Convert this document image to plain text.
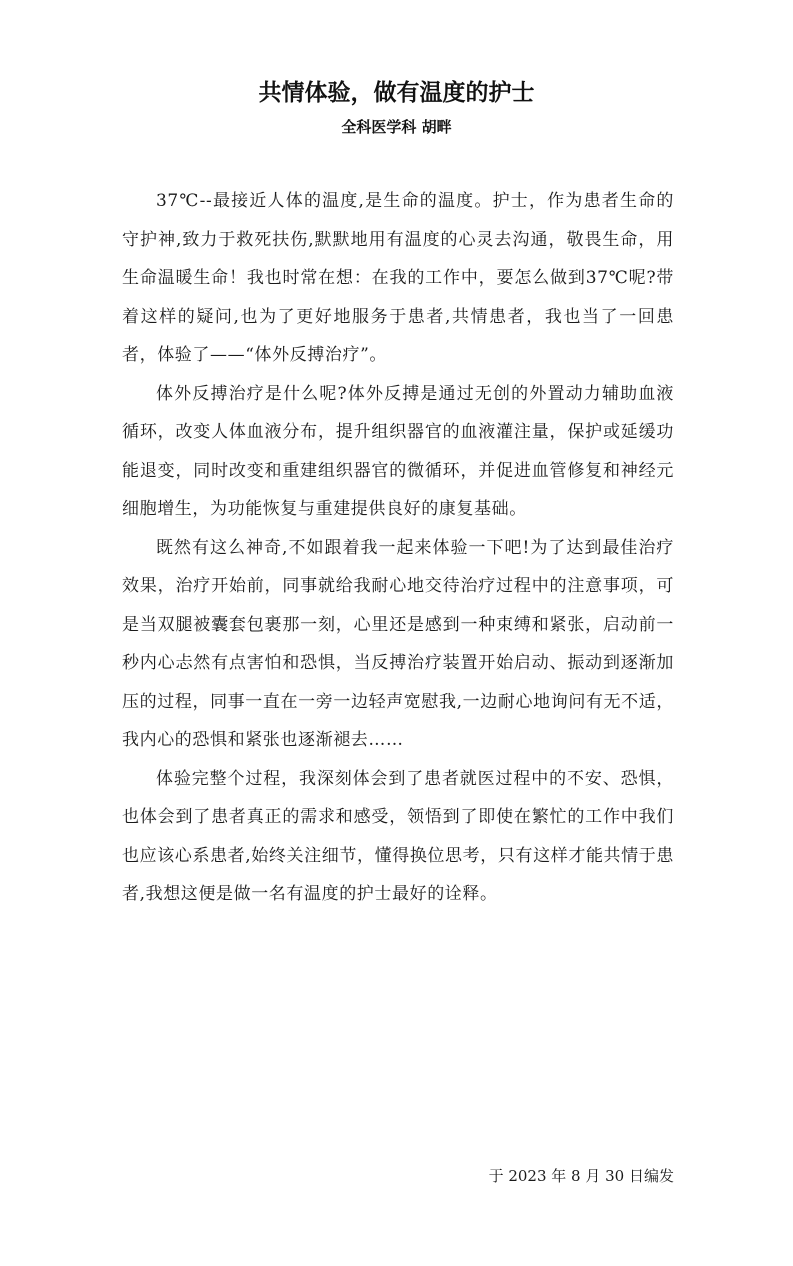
共情体验，做有温度的护士
全科医学科 胡畔

37℃--最接近人体的温度,是生命的温度。护士，作为患者生命的守护神,致力于救死扶伤,默默地用有温度的心灵去沟通，敬畏生命，用生命温暖生命！我也时常在想：在我的工作中，要怎么做到37℃呢?带着这样的疑问,也为了更好地服务于患者,共情患者，我也当了一回患者，体验了——“体外反搏治疗”。

体外反搏治疗是什么呢?体外反搏是通过无创的外置动力辅助血液循环，改变人体血液分布，提升组织器官的血液灌注量，保护或延缓功能退变，同时改变和重建组织器官的微循环，并促进血管修复和神经元细胞增生，为功能恢复与重建提供良好的康复基础。

既然有这么神奇,不如跟着我一起来体验一下吧!为了达到最佳治疗效果，治疗开始前，同事就给我耐心地交待治疗过程中的注意事项，可是当双腿被囊套包裹那一刻，心里还是感到一种束缚和紧张，启动前一秒内心忐然有点害怕和恐惧，当反搏治疗装置开始启动、振动到逐渐加压的过程，同事一直在一旁一边轻声宽慰我,一边耐心地询问有无不适，我内心的恐惧和紧张也逐渐褪去……

体验完整个过程，我深刻体会到了患者就医过程中的不安、恐惧，也体会到了患者真正的需求和感受，领悟到了即使在繁忙的工作中我们也应该心系患者,始终关注细节，懂得换位思考，只有这样才能共情于患者,我想这便是做一名有温度的护士最好的诠释。

于 2023 年 8 月 30 日编发
